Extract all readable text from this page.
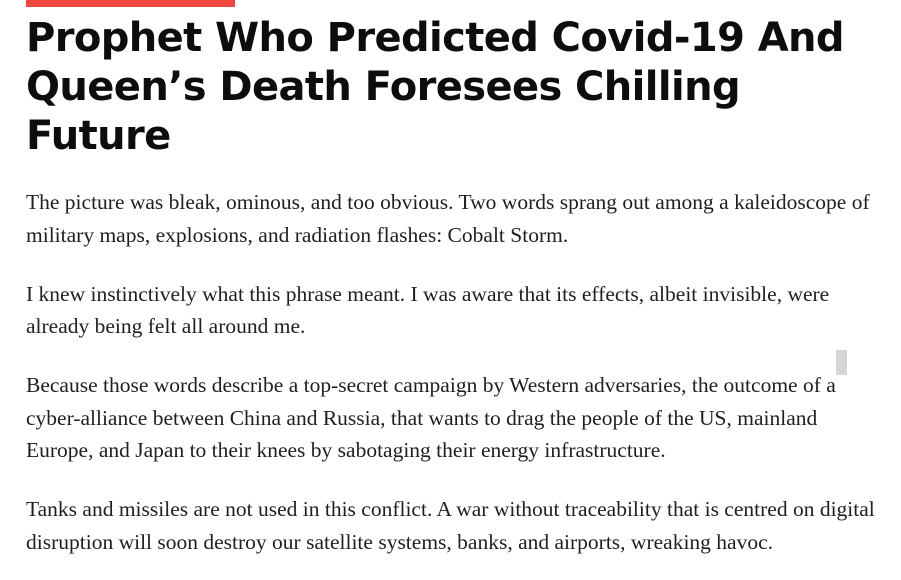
Prophet Who Predicted Covid-19 And Queen’s Death Foresees Chilling Future

The picture was bleak, ominous, and too obvious. Two words sprang out among a kaleidoscope of military maps, explosions, and radiation flashes: Cobalt Storm.

I knew instinctively what this phrase meant. I was aware that its effects, albeit invisible, were already being felt all around me.

Because those words describe a top-secret campaign by Western adversaries, the outcome of a cyber-alliance between China and Russia, that wants to drag the people of the US, mainland Europe, and Japan to their knees by sabotaging their energy infrastructure.

Tanks and missiles are not used in this conflict. A war without traceability that is centred on digital disruption will soon destroy our satellite systems, banks, and airports, wreaking havoc.
